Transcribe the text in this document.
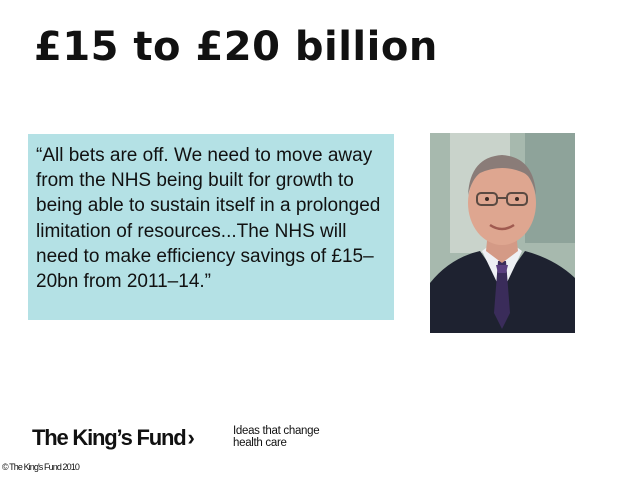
£15 to £20 billion

“All bets are off. We need to move away from the NHS being built for growth to being able to sustain itself in a prolonged limitation of resources...The NHS will need to make efficiency savings of £15–20bn from 2011–14.”

The King’s Fund›	Ideas that change
health care
© The King's Fund 2010
